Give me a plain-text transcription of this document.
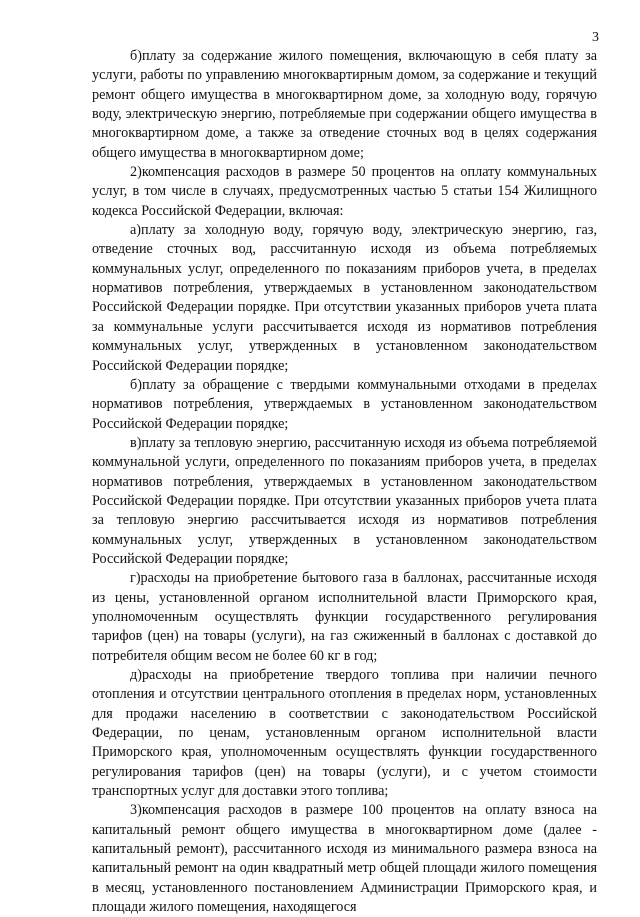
3

б)плату за содержание жилого помещения, включающую в себя плату за услуги, работы по управлению многоквартирным домом, за содержание и текущий ремонт общего имущества в многоквартирном доме, за холодную воду, горячую воду, электрическую энергию, потребляемые при содержании общего имущества в многоквартирном доме, а также за отведение сточных вод в целях содержания общего имущества в многоквартирном доме;

2)компенсация расходов в размере 50 процентов на оплату коммунальных услуг, в том числе в случаях, предусмотренных частью 5 статьи 154 Жилищного кодекса Российской Федерации, включая:

а)плату за холодную воду, горячую воду, электрическую энергию, газ, отведение сточных вод, рассчитанную исходя из объема потребляемых коммунальных услуг, определенного по показаниям приборов учета, в пределах нормативов потребления, утверждаемых в установленном законодательством Российской Федерации порядке. При отсутствии указанных приборов учета плата за коммунальные услуги рассчитывается исходя из нормативов потребления коммунальных услуг, утвержденных в установленном законодательством Российской Федерации порядке;

б)плату за обращение с твердыми коммунальными отходами в пределах нормативов потребления, утверждаемых в установленном законодательством Российской Федерации порядке;

в)плату за тепловую энергию, рассчитанную исходя из объема потребляемой коммунальной услуги, определенного по показаниям приборов учета, в пределах нормативов потребления, утверждаемых в установленном законодательством Российской Федерации порядке. При отсутствии указанных приборов учета плата за тепловую энергию рассчитывается исходя из нормативов потребления коммунальных услуг, утвержденных в установленном законодательством Российской Федерации порядке;

г)расходы на приобретение бытового газа в баллонах, рассчитанные исходя из цены, установленной органом исполнительной власти Приморского края, уполномоченным осуществлять функции государственного регулирования тарифов (цен) на товары (услуги), на газ сжиженный в баллонах с доставкой до потребителя общим весом не более 60 кг в год;

д)расходы на приобретение твердого топлива при наличии печного отопления и отсутствии центрального отопления в пределах норм, установленных для продажи населению в соответствии с законодательством Российской Федерации, по ценам, установленным органом исполнительной власти Приморского края, уполномоченным осуществлять функции государственного регулирования тарифов (цен) на товары (услуги), и с учетом стоимости транспортных услуг для доставки этого топлива;

3)компенсация расходов в размере 100 процентов на оплату взноса на капитальный ремонт общего имущества в многоквартирном доме (далее - капитальный ремонт), рассчитанного исходя из минимального размера взноса на капитальный ремонт на один квадратный метр общей площади жилого помещения в месяц, установленного постановлением Администрации Приморского края, и площади жилого помещения, находящегося
